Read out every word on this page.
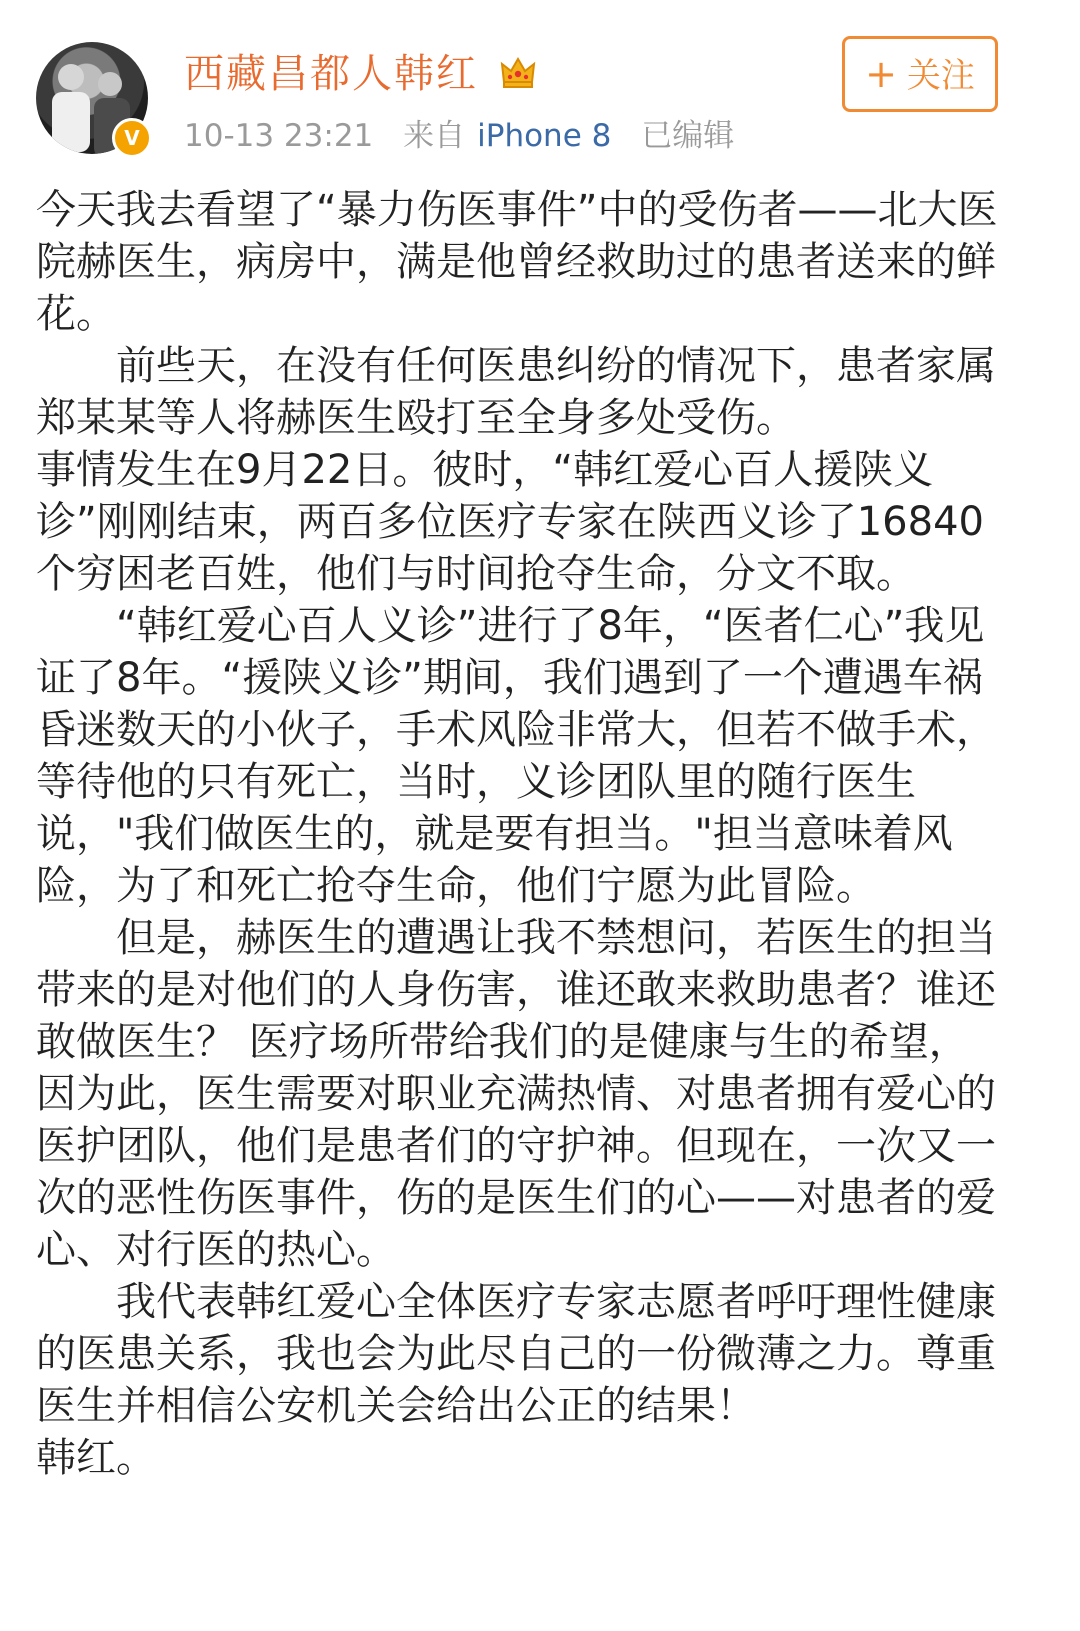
V
西藏昌都人韩红
10-13 23:21 来自 iPhone 8 已编辑
+ 关注

今天我去看望了“暴力伤医事件”中的受伤者——北大医院赫医生，病房中，满是他曾经救助过的患者送来的鲜花。

前些天，在没有任何医患纠纷的情况下，患者家属郑某某等人将赫医生殴打至全身多处受伤。

事情发生在9月22日。彼时，“韩红爱心百人援陕义诊”刚刚结束，两百多位医疗专家在陕西义诊了16840个穷困老百姓，他们与时间抢夺生命，分文不取。

“韩红爱心百人义诊”进行了8年，“医者仁心”我见证了8年。“援陕义诊”期间，我们遇到了一个遭遇车祸昏迷数天的小伙子，手术风险非常大，但若不做手术，等待他的只有死亡，当时，义诊团队里的随行医生说，"我们做医生的，就是要有担当。"担当意味着风险，为了和死亡抢夺生命，他们宁愿为此冒险。

但是，赫医生的遭遇让我不禁想问，若医生的担当带来的是对他们的人身伤害，谁还敢来救助患者？谁还敢做医生？ 医疗场所带给我们的是健康与生的希望，因为此，医生需要对职业充满热情、对患者拥有爱心的医护团队，他们是患者们的守护神。但现在，一次又一次的恶性伤医事件，伤的是医生们的心——对患者的爱心、对行医的热心。

我代表韩红爱心全体医疗专家志愿者呼吁理性健康的医患关系，我也会为此尽自己的一份微薄之力。尊重医生并相信公安机关会给出公正的结果！

韩红。
